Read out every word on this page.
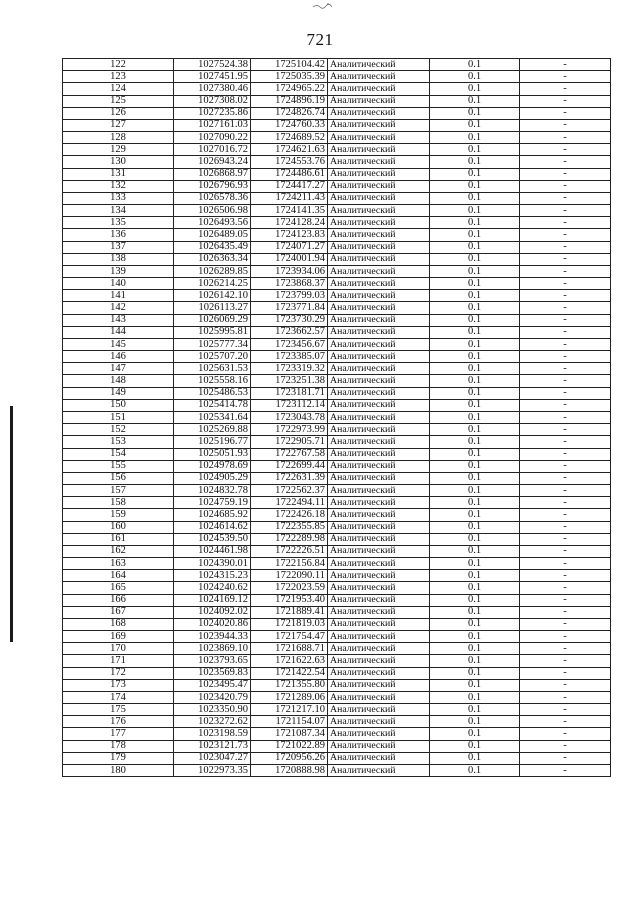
721
122	1027524.38	1725104.42	Аналитический	0.1	-
123	1027451.95	1725035.39	Аналитический	0.1	-
124	1027380.46	1724965.22	Аналитический	0.1	-
125	1027308.02	1724896.19	Аналитический	0.1	-
126	1027235.86	1724826.74	Аналитический	0.1	-
127	1027161.03	1724760.33	Аналитический	0.1	-
128	1027090.22	1724689.52	Аналитический	0.1	-
129	1027016.72	1724621.63	Аналитический	0.1	-
130	1026943.24	1724553.76	Аналитический	0.1	-
131	1026868.97	1724486.61	Аналитический	0.1	-
132	1026796.93	1724417.27	Аналитический	0.1	-
133	1026578.36	1724211.43	Аналитический	0.1	-
134	1026506.98	1724141.35	Аналитический	0.1	-
135	1026493.56	1724128.24	Аналитический	0.1	-
136	1026489.05	1724123.83	Аналитический	0.1	-
137	1026435.49	1724071.27	Аналитический	0.1	-
138	1026363.34	1724001.94	Аналитический	0.1	-
139	1026289.85	1723934.06	Аналитический	0.1	-
140	1026214.25	1723868.37	Аналитический	0.1	-
141	1026142.10	1723799.03	Аналитический	0.1	-
142	1026113.27	1723771.84	Аналитический	0.1	-
143	1026069.29	1723730.29	Аналитический	0.1	-
144	1025995.81	1723662.57	Аналитический	0.1	-
145	1025777.34	1723456.67	Аналитический	0.1	-
146	1025707.20	1723385.07	Аналитический	0.1	-
147	1025631.53	1723319.32	Аналитический	0.1	-
148	1025558.16	1723251.38	Аналитический	0.1	-
149	1025486.53	1723181.71	Аналитический	0.1	-
150	1025414.78	1723112.14	Аналитический	0.1	-
151	1025341.64	1723043.78	Аналитический	0.1	-
152	1025269.88	1722973.99	Аналитический	0.1	-
153	1025196.77	1722905.71	Аналитический	0.1	-
154	1025051.93	1722767.58	Аналитический	0.1	-
155	1024978.69	1722699.44	Аналитический	0.1	-
156	1024905.29	1722631.39	Аналитический	0.1	-
157	1024832.78	1722562.37	Аналитический	0.1	-
158	1024759.19	1722494.11	Аналитический	0.1	-
159	1024685.92	1722426.18	Аналитический	0.1	-
160	1024614.62	1722355.85	Аналитический	0.1	-
161	1024539.50	1722289.98	Аналитический	0.1	-
162	1024461.98	1722226.51	Аналитический	0.1	-
163	1024390.01	1722156.84	Аналитический	0.1	-
164	1024315.23	1722090.11	Аналитический	0.1	-
165	1024240.62	1722023.59	Аналитический	0.1	-
166	1024169.12	1721953.40	Аналитический	0.1	-
167	1024092.02	1721889.41	Аналитический	0.1	-
168	1024020.86	1721819.03	Аналитический	0.1	-
169	1023944.33	1721754.47	Аналитический	0.1	-
170	1023869.10	1721688.71	Аналитический	0.1	-
171	1023793.65	1721622.63	Аналитический	0.1	-
172	1023569.83	1721422.54	Аналитический	0.1	-
173	1023495.47	1721355.80	Аналитический	0.1	-
174	1023420.79	1721289.06	Аналитический	0.1	-
175	1023350.90	1721217.10	Аналитический	0.1	-
176	1023272.62	1721154.07	Аналитический	0.1	-
177	1023198.59	1721087.34	Аналитический	0.1	-
178	1023121.73	1721022.89	Аналитический	0.1	-
179	1023047.27	1720956.26	Аналитический	0.1	-
180	1022973.35	1720888.98	Аналитический	0.1	-
